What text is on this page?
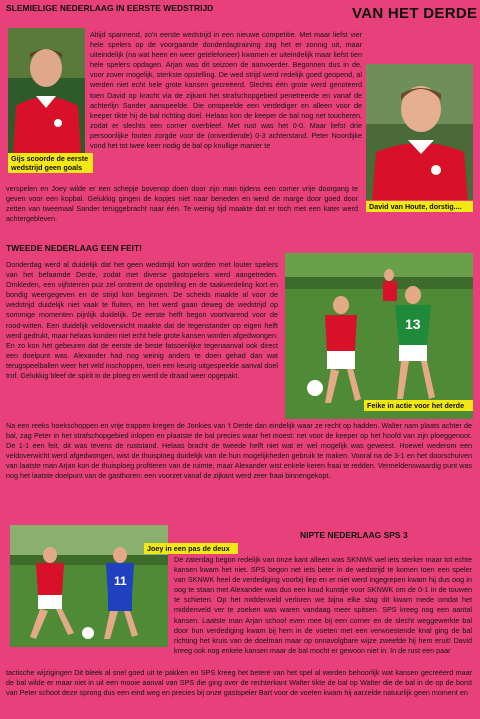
SLEMIELIGE NEDERLAAG IN EERSTE WEDSTRIJD	VAN HET DERDE
Gijs scoorde de eerste wedstrijd geen goals
Altijd spannend, zo'n eerste wedstrijd in een nieuwe competitie. Met maar liefst vier hele spelers op de voorgaande donderdagtraining zag het er zonnig uit, maar uiteindelijk (na wat heen en weer getelefoneer) kwamen er uiteindelijk maar liefst tien hele spelers opdagen. Arjan was dit seizoen de aanvoerder. Begonnen dus in de, voor zover mogelijk, sterkste opstelling. De wed strijd werd redelijk goed geopend, al werden niet echt hele grote kansen gecreëerd. Slechts één grote werd genoteerd toen David op kracht via de zijkant het strafschopgebied penetreerde en vanaf de achterlijn Sander aanspeelde. Die omspeelde een verdediger en alleen voor de keeper tikte hij de bal richting doel. Helaas kon de keeper de bal nog net toucheren, zodat er slechts een corner overbleef. Met rust was het 0-0. Maar liefst drie persoonlijke fouten zorgde voor de (onverdiende) 0-3 achterstand. Peter Noordijke vond het tot twee keer nodig de bal op knullige manier te
David van Houte, dorstig....
verspelen en Joey wilde er een schepje bovenop doen door zijn man tijdens een corner vrije doorgang te geven voor een kopbal. Gelukkig gingen de kopjes niet naar beneden en werd de marge door goed door zetten van tweemaal Sander teruggebracht naar één. Te weinig tijd maakte dat er toch met een kater werd achtergebleven.
TWEEDE NEDERLAAG EEN FEIT!
Donderdag werd al duidelijk dat het geen wedstrijd kon worden met louter spelers van het befaamde Derde, zodat met diverse gastspelers werd aangetreden. Omkleden, een vijfsterren puz zel omtrent de opstelling en de taakverdeling kort en bondig weergegeven en de strijd kon beginnen. De scheids maakte al voor de wedstrijd duidelijk niet vaak te fluiten, en het werd gaan deweg de wedstrijd op sommige momenten pijnlijk duidelijk. De eerste helft begon voortvarend voor de rood-witten. Een duidelijk veldoverwicht maakte dat de tegenstander op eigen helft werd gedrukt, maar helaas konden niet echt hele grote kansen worden afgedwongen. En zo kon het gebeuren dat de eerste de beste fatsoenlijke tegenaanval ook direct een doelpunt was. Alexander had nog weinig anders te doen gehad dan wat terugspeelballen weer het veld inschoppen, toen een keurig uitgespeelde aanval doel trof. Gelukkig bleef de spirit in de ploeg en werd de draad weer opgepakt.
13
Feike in actie voor het derde
Na een reeks hoekschoppen en vrije trappen kregen de Jonkies van 't Derde dan eindelijk waar ze recht op hadden. Walter nam plaats achter de bal, zag Peter in het strafschopgebied inlopen en plaatste de bal precies waar het moest: net voor de keeper op het hoofd van zijn ploeggenoot. De 1-1 een feit, dit was tevens de ruststand. Helaas bracht de tweede helft niet wat er wel mogelijk was geweest. Hoewel wederom een veldoverwicht werd afgedwongen, wist de thuisploeg duidelijk van de hun mogelijkheden gebruik te maken. Vooral na de 3-1 en het doorschuiven van laatste man Arjan kon de thuisploeg profiteren van de ruimte, maar Alexander wist enkele keren fraai te redden. Vermeldenswaardig punt was nog het laatste doelpunt van de gasthoren: een voorzet vanaf de zijkant werd zeer fraai binnengekopt.
NIPTE NEDERLAAG SPS 3
11
Joey in een pas de deux
De zaterdag begon redelijk van onze kant alleen was SKNWK wel iets sterker maar tot echte kansen kwam het niet. SPS begon net iets beter in de wedstrijd te komen toen een speler van SKNWK heel de verdediging voorbij liep en er niet werd ingegrepen kwam hij dus oog in oog te staan met Alexander was dus een koud kunstje voor SKNWK om de 0-1 in de touwen te schieten. Op het middenveld verloren we bijna elke slag dit kwam mede omdat het middenveld ver te zoeken was waren vandaag meer spitsen. SPS kreeg nog een aantal kansen. Laatste man Arjan schoof even mee bij een corner en de slecht weggewerkte bal door hun verdediging kwam bij hem in de voeten met een verwoestende knal ging de bal richting het kruis van de doelman maar op onnavolgbare wijze zweefde hij hem eruit! David kreeg ook nog enkele kansen maar de bal mocht er gewoon niet in. In de rust een paar
tactische wijzigingen Dit bleek al snel goed uit te pakken en SPS kreeg het betere van het spel al werden behoorlijk wat kansen gecreëerd maar de bal wilde er maar niet in uit een mooie aanval van SPS die ging over de rechterkant Walter tikte de bal op Walter die de bal in de op de borst van Peter schoot deze sprong dus een eind weg en precies bij onze gastspeler Bart voor de voeten kwam hij aarzelde natuurlijk geen moment en
